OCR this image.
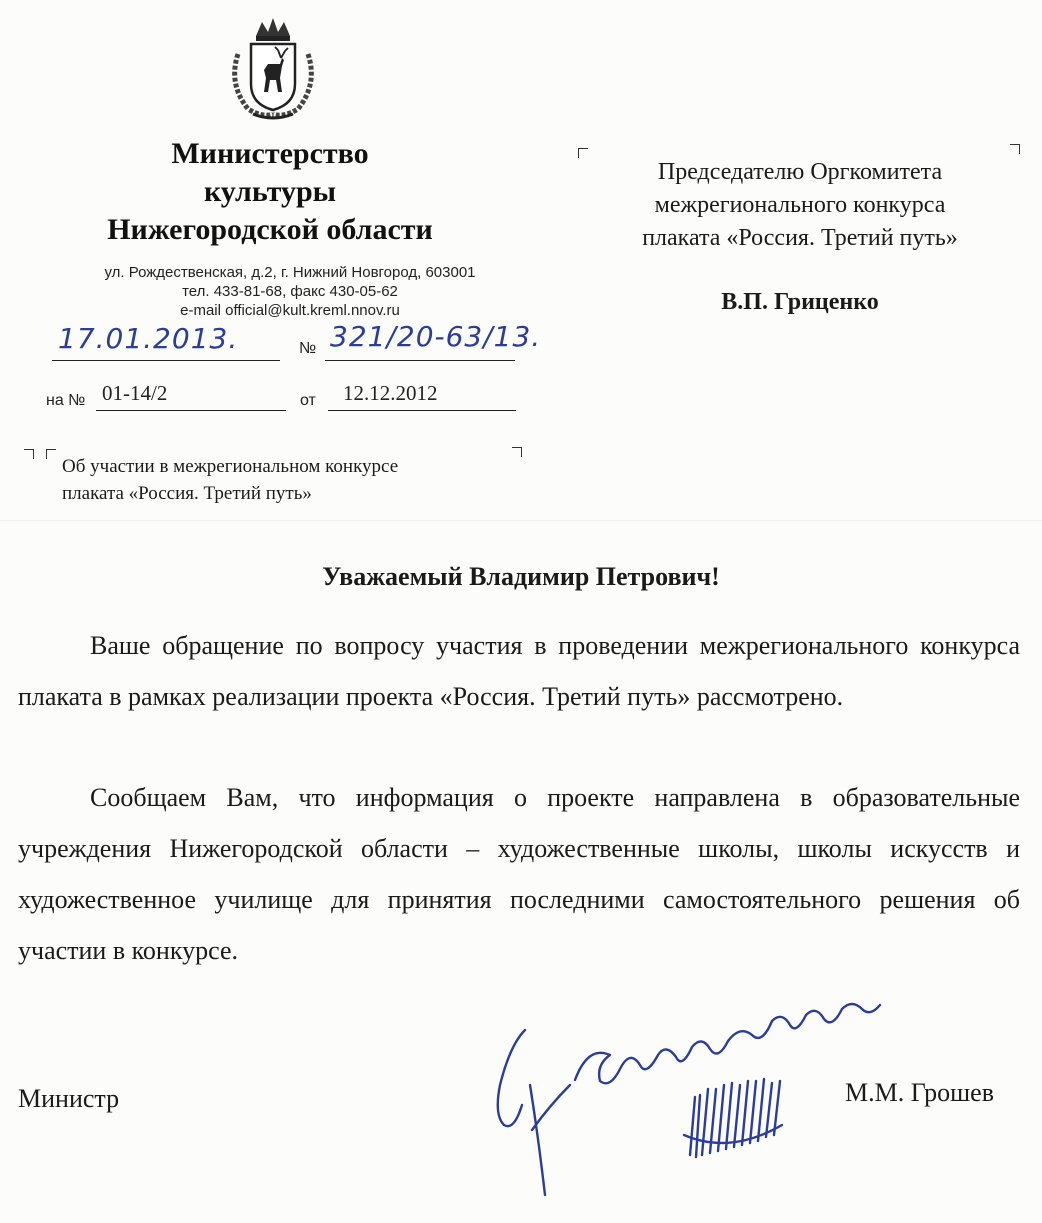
Министерство
культуры
Нижегородской области
ул. Рождественская, д.2, г. Нижний Новгород, 603001
тел. 433-81-68, факс 430-05-62
e-mail official@kult.kreml.nnov.ru
17.01.2013.	№ 321/20-63/13.
на № 01-14/2	от 12.12.2012
Об участии в межрегиональном конкурсе
плаката «Россия. Третий путь»
Председателю Оргкомитета
межрегионального конкурса
плаката «Россия. Третий путь»
В.П. Гриценко
Уважаемый Владимир Петрович!

Ваше обращение по вопросу участия в проведении межрегионального конкурса плаката в рамках реализации проекта «Россия. Третий путь» рассмотрено.

Сообщаем Вам, что информация о проекте направлена в образовательные учреждения Нижегородской области – художественные школы, школы искусств и художественное училище для принятия последними самостоятельного решения об участии в конкурсе.

Министр	М.М. Грошев
